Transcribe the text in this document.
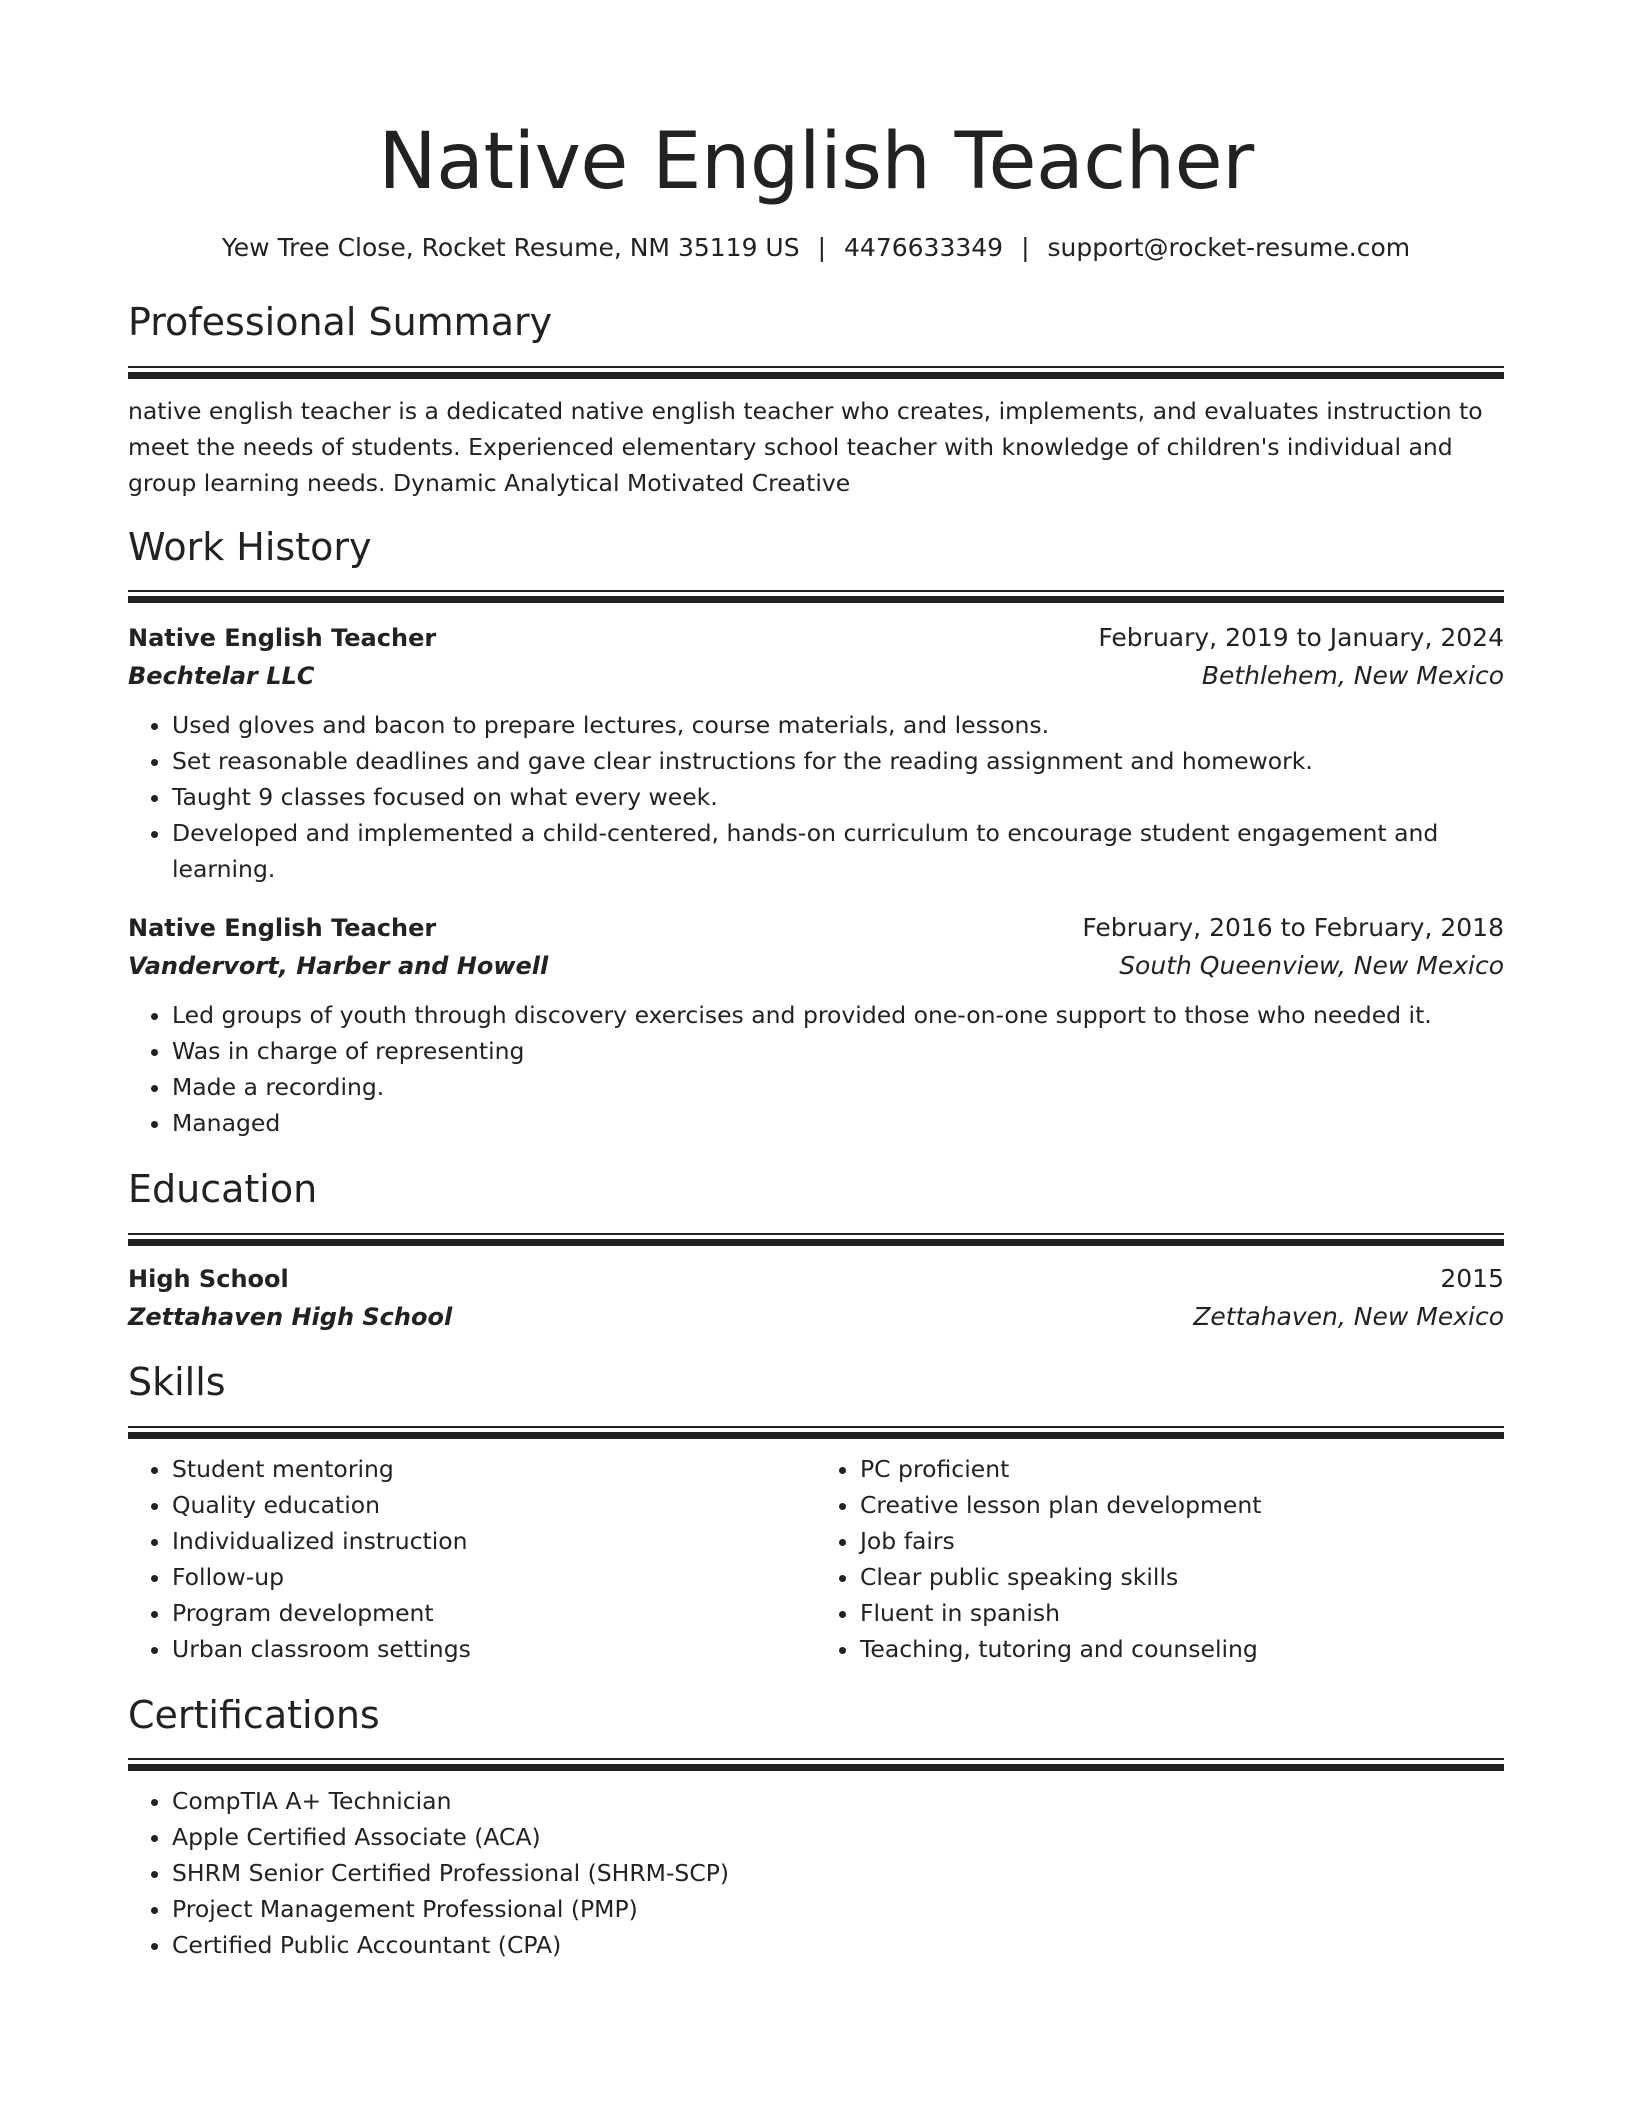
Native English Teacher
Yew Tree Close, Rocket Resume, NM 35119 US | 4476633349 | support@rocket-resume.com
Professional Summary

native english teacher is a dedicated native english teacher who creates, implements, and evaluates instruction to meet the needs of students. Experienced elementary school teacher with knowledge of children's individual and group learning needs. Dynamic Analytical Motivated Creative

Work History
Native English Teacher	February, 2019 to January, 2024
Bechtelar LLC	Bethlehem, New Mexico
• Used gloves and bacon to prepare lectures, course materials, and lessons.
• Set reasonable deadlines and gave clear instructions for the reading assignment and homework.
• Taught 9 classes focused on what every week.
• Developed and implemented a child-centered, hands-on curriculum to encourage student engagement and learning.
Native English Teacher	February, 2016 to February, 2018
Vandervort, Harber and Howell	South Queenview, New Mexico
• Led groups of youth through discovery exercises and provided one-on-one support to those who needed it.
• Was in charge of representing
• Made a recording.
• Managed
Education
High School	2015
Zettahaven High School	Zettahaven, New Mexico
Skills
• Student mentoring
• Quality education
• Individualized instruction
• Follow-up
• Program development
• Urban classroom settings
• PC proficient
• Creative lesson plan development
• Job fairs
• Clear public speaking skills
• Fluent in spanish
• Teaching, tutoring and counseling
Certifications
• CompTIA A+ Technician
• Apple Certified Associate (ACA)
• SHRM Senior Certified Professional (SHRM-SCP)
• Project Management Professional (PMP)
• Certified Public Accountant (CPA)
